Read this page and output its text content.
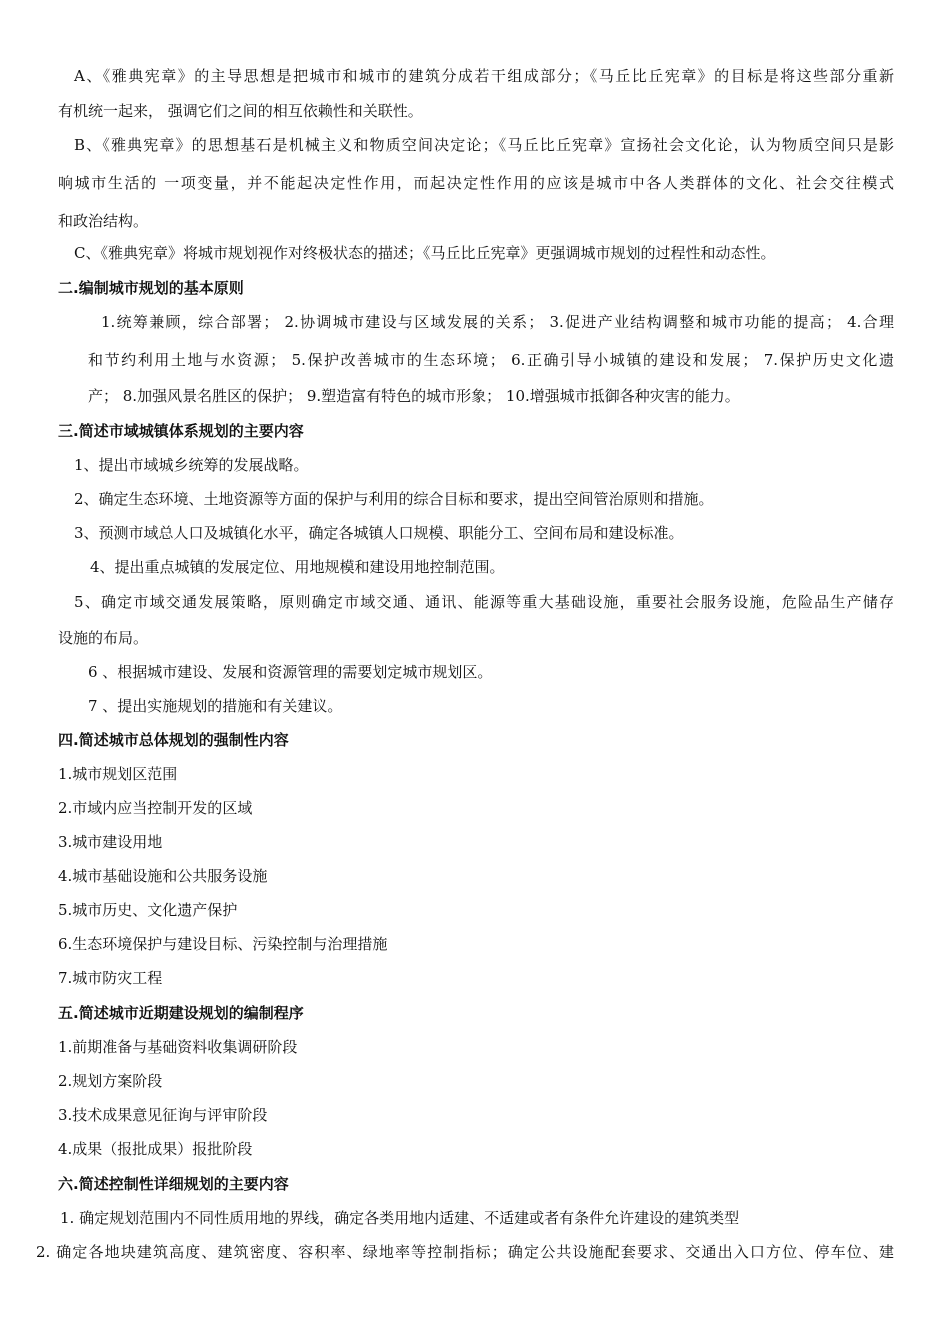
A、《雅典宪章》的主导思想是把城市和城市的建筑分成若干组成部分；《马丘比丘宪章》的目标是将这些部分重新
有机统一起来， 强调它们之间的相互依赖性和关联性。
B、《雅典宪章》的思想基石是机械主义和物质空间决定论；《马丘比丘宪章》宣扬社会文化论，认为物质空间只是影
响城市生活的 一项变量，并不能起决定性作用，而起决定性作用的应该是城市中各人类群体的文化、社会交往模式
和政治结构。
C、《雅典宪章》将城市规划视作对终极状态的描述；《马丘比丘宪章》更强调城市规划的过程性和动态性。
二.编制城市规划的基本原则
1.统筹兼顾，综合部署； 2.协调城市建设与区域发展的关系； 3.促进产业结构调整和城市功能的提高； 4.合理
和节约利用土地与水资源； 5.保护改善城市的生态环境； 6.正确引导小城镇的建设和发展； 7.保护历史文化遗
产； 8.加强风景名胜区的保护； 9.塑造富有特色的城市形象； 10.增强城市抵御各种灾害的能力。
三.简述市域城镇体系规划的主要内容
1、提出市域城乡统筹的发展战略。
2、确定生态环境、土地资源等方面的保护与利用的综合目标和要求，提出空间管治原则和措施。
3、预测市域总人口及城镇化水平，确定各城镇人口规模、职能分工、空间布局和建设标准。
4、提出重点城镇的发展定位、用地规模和建设用地控制范围。
5、确定市域交通发展策略，原则确定市域交通、通讯、能源等重大基础设施，重要社会服务设施，危险品生产储存
设施的布局。
6 、根据城市建设、发展和资源管理的需要划定城市规划区。
7 、提出实施规划的措施和有关建议。
四.简述城市总体规划的强制性内容
1.城市规划区范围
2.市域内应当控制开发的区域
3.城市建设用地
4.城市基础设施和公共服务设施
5.城市历史、文化遗产保护
6.生态环境保护与建设目标、污染控制与治理措施
7.城市防灾工程
五.简述城市近期建设规划的编制程序
1.前期准备与基础资料收集调研阶段
2.规划方案阶段
3.技术成果意见征询与评审阶段
4.成果（报批成果）报批阶段
六.简述控制性详细规划的主要内容
1. 确定规划范围内不同性质用地的界线，确定各类用地内适建、不适建或者有条件允许建设的建筑类型
2. 确定各地块建筑高度、建筑密度、容积率、绿地率等控制指标；确定公共设施配套要求、交通出入口方位、停车位、建
